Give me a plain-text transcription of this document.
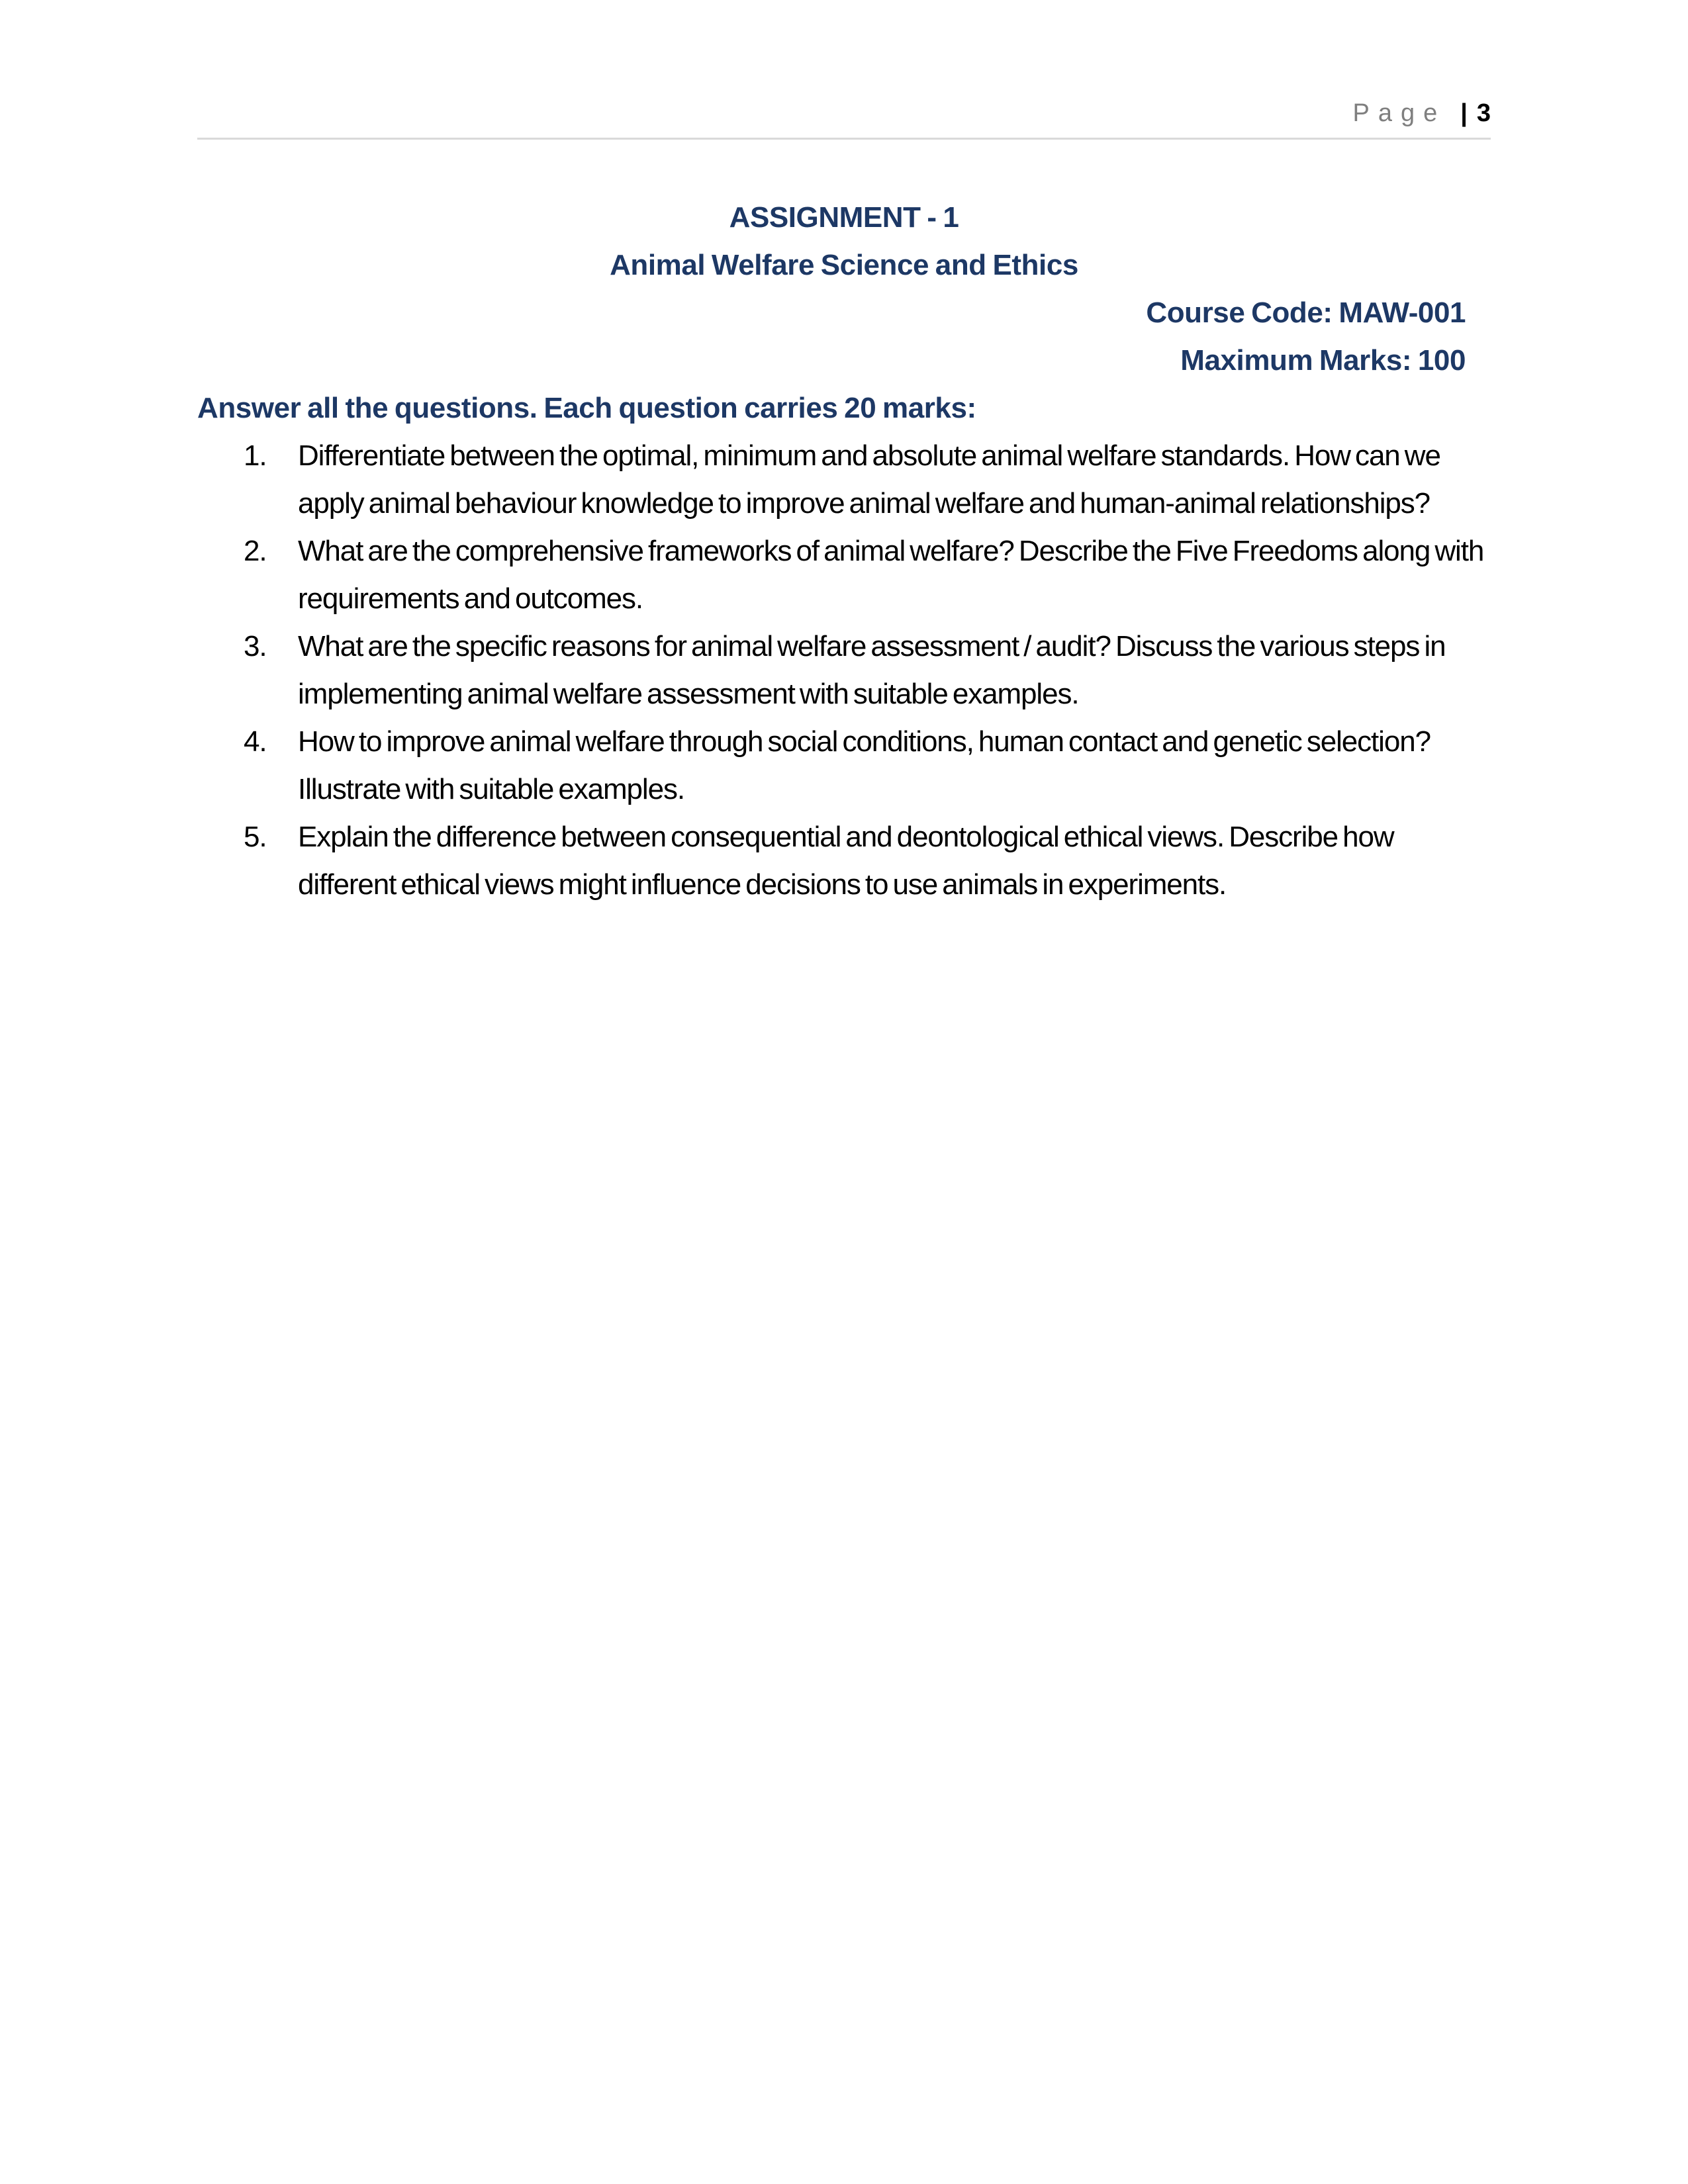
Page | 3
ASSIGNMENT - 1
Animal Welfare Science and Ethics
Course Code: MAW-001
Maximum Marks: 100
Answer all the questions. Each question carries 20 marks:
1.	Differentiate between the optimal, minimum and absolute animal welfare standards. How can we apply animal behaviour knowledge to improve animal welfare and human-animal relationships?
2.	What are the comprehensive frameworks of animal welfare? Describe the Five Freedoms along with requirements and outcomes.
3.	What are the specific reasons for animal welfare assessment / audit? Discuss the various steps in implementing animal welfare assessment with suitable examples.
4.	How to improve animal welfare through social conditions, human contact and genetic selection? Illustrate with suitable examples.
5.	Explain the difference between consequential and deontological ethical views. Describe how different ethical views might influence decisions to use animals in experiments.
